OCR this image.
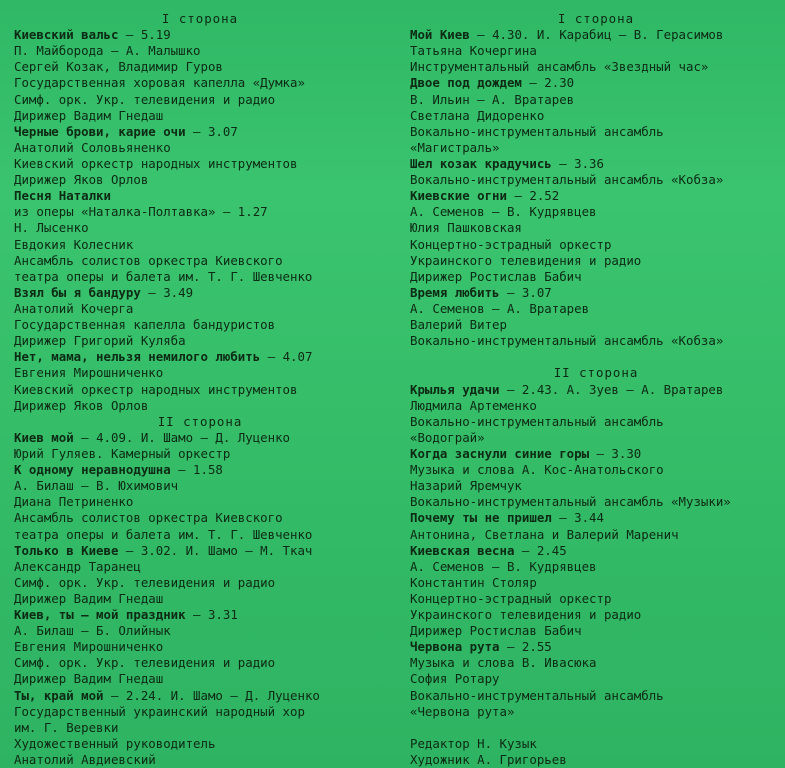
I сторона
Киевский вальс — 5.19
П. Майборода — А. Малышко
Сергей Козак, Владимир Гуров
Государственная хоровая капелла «Думка»
Симф. орк. Укр. телевидения и радио
Дирижер Вадим Гнедаш
Черные брови, карие очи — 3.07
Анатолий Соловьяненко
Киевский оркестр народных инструментов
Дирижер Яков Орлов
Песня Наталки
из оперы «Наталка-Полтавка» — 1.27
Н. Лысенко
Евдокия Колесник
Ансамбль солистов оркестра Киевского
театра оперы и балета им. Т. Г. Шевченко
Взял бы я бандуру — 3.49
Анатолий Кочерга
Государственная капелла бандуристов
Дирижер Григорий Кулябa
Нет, мама, нельзя немилого любить — 4.07
Евгения Мирошниченко
Киевский оркестр народных инструментов
Дирижер Яков Орлов
II сторона
Киев мой — 4.09. И. Шамо — Д. Луценко
Юрий Гуляев. Камерный оркестр
К одному неравнодушна — 1.58
А. Билаш — В. Юхимович
Диана Петриненко
Ансамбль солистов оркестра Киевского
театра оперы и балета им. Т. Г. Шевченко
Только в Киеве — 3.02. И. Шамо — М. Ткач
Александр Таранец
Симф. орк. Укр. телевидения и радио
Дирижер Вадим Гнедаш
Киев, ты — мой праздник — 3.31
А. Билаш — Б. Олийнык
Евгения Мирошниченко
Симф. орк. Укр. телевидения и радио
Дирижер Вадим Гнедаш
Ты, край мой — 2.24. И. Шамо — Д. Луценко
Государственный украинский народный хор
им. Г. Веревки
Художественный руководитель
Анатолий Авдиевский
I сторона
Мой Киев — 4.30. И. Карабиц — В. Герасимов
Татьяна Кочергина
Инструментальный ансамбль «Звездный час»
Двое под дождем — 2.30
В. Ильин — А. Вратарев
Светлана Дидоренко
Вокально-инструментальный ансамбль
«Магистраль»
Шел козак крадучись — 3.36
Вокально-инструментальный ансамбль «Кобза»
Киевские огни — 2.52
А. Семенов — В. Кудрявцев
Юлия Пашковская
Концертно-эстрадный оркестр
Украинского телевидения и радио
Дирижер Ростислав Бабич
Время любить — 3.07
А. Семенов — А. Вратарев
Валерий Витер
Вокально-инструментальный ансамбль «Кобза»
II сторона
Крылья удачи — 2.43. А. Зуев — А. Вратарев
Людмила Артеменко
Вокально-инструментальный ансамбль
«Водограй»
Когда заснули синие горы — 3.30
Музыка и слова А. Кос-Анатольского
Назарий Яремчук
Вокально-инструментальный ансамбль «Музыки»
Почему ты не пришел — 3.44
Антонина, Светлана и Валерий Маренич
Киевская весна — 2.45
А. Семенов — В. Кудрявцев
Константин Столяр
Концертно-эстрадный оркестр
Украинского телевидения и радио
Дирижер Ростислав Бабич
Червона рута — 2.55
Музыка и слова В. Ивасюка
София Ротару
Вокально-инструментальный ансамбль
«Червона рута»
Редактор Н. Кузык
Художник А. Григорьев
